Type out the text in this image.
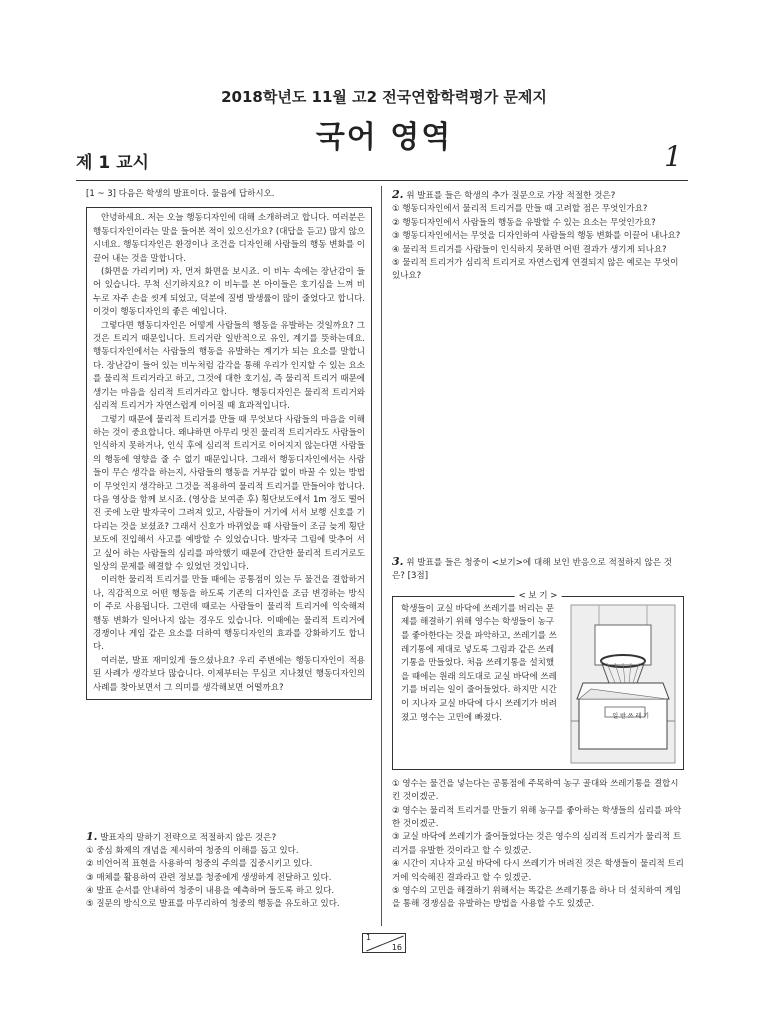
2018학년도 11월 고2 전국연합학력평가 문제지
국어 영역
제 1 교시	1
[1 ~ 3] 다음은 학생의 발표이다. 물음에 답하시오.

안녕하세요. 저는 오늘 행동디자인에 대해 소개하려고 합니다. 여러분은 행동디자인이라는 말을 들어본 적이 있으신가요? (대답을 듣고) 많지 않으시네요. 행동디자인은 환경이나 조건을 디자인해 사람들의 행동 변화를 이끌어 내는 것을 말합니다.

(화면을 가리키며) 자, 먼저 화면을 보시죠. 이 비누 속에는 장난감이 들어 있습니다. 무척 신기하지요? 이 비누를 본 아이들은 호기심을 느껴 비누로 자주 손을 씻게 되었고, 덕분에 질병 발생률이 많이 줄었다고 합니다. 이것이 행동디자인의 좋은 예입니다.

그렇다면 행동디자인은 어떻게 사람들의 행동을 유발하는 것일까요? 그것은 트리거 때문입니다. 트리거란 일반적으로 유인, 계기를 뜻하는데요. 행동디자인에서는 사람들의 행동을 유발하는 계기가 되는 요소를 말합니다. 장난감이 들어 있는 비누처럼 감각을 통해 우리가 인지할 수 있는 요소를 물리적 트리거라고 하고, 그것에 대한 호기심, 즉 물리적 트리거 때문에 생기는 마음을 심리적 트리거라고 합니다. 행동디자인은 물리적 트리거와 심리적 트리거가 자연스럽게 이어질 때 효과적입니다.

그렇기 때문에 물리적 트리거를 만들 때 무엇보다 사람들의 마음을 이해하는 것이 중요합니다. 왜냐하면 아무리 멋진 물리적 트리거라도 사람들이 인식하지 못하거나, 인식 후에 심리적 트리거로 이어지지 않는다면 사람들의 행동에 영향을 줄 수 없기 때문입니다. 그래서 행동디자인에서는 사람들이 무슨 생각을 하는지, 사람들의 행동을 거부감 없이 바꿀 수 있는 방법이 무엇인지 생각하고 그것을 적용하여 물리적 트리거를 만들어야 합니다. 다음 영상을 함께 보시죠. (영상을 보여준 후) 횡단보도에서 1m 정도 떨어진 곳에 노란 발자국이 그려져 있고, 사람들이 거기에 서서 보행 신호를 기다리는 것을 보셨죠? 그래서 신호가 바뀌었을 때 사람들이 조금 늦게 횡단보도에 진입해서 사고를 예방할 수 있었습니다. 발자국 그림에 맞추어 서고 싶어 하는 사람들의 심리를 파악했기 때문에 간단한 물리적 트리거로도 일상의 문제를 해결할 수 있었던 것입니다.

이러한 물리적 트리거를 만들 때에는 공통점이 있는 두 물건을 결합하거나, 직감적으로 어떤 행동을 하도록 기존의 디자인을 조금 변경하는 방식이 주로 사용됩니다. 그런데 때로는 사람들이 물리적 트리거에 익숙해져 행동 변화가 일어나지 않는 경우도 있습니다. 이때에는 물리적 트리거에 경쟁이나 게임 같은 요소를 더하여 행동디자인의 효과를 강화하기도 합니다.

여러분, 발표 재미있게 들으셨나요? 우리 주변에는 행동디자인이 적용된 사례가 생각보다 많습니다. 이제부터는 무심코 지나쳤던 행동디자인의 사례를 찾아보면서 그 의미를 생각해보면 어떨까요?

1. 발표자의 말하기 전략으로 적절하지 않은 것은?
① 중심 화제의 개념을 제시하여 청중의 이해를 돕고 있다.
② 비언어적 표현을 사용하여 청중의 주의를 집중시키고 있다.
③ 매체를 활용하여 관련 정보를 청중에게 생생하게 전달하고 있다.
④ 발표 순서를 안내하여 청중이 내용을 예측하며 들도록 하고 있다.
⑤ 질문의 방식으로 발표를 마무리하여 청중의 행동을 유도하고 있다.
2. 위 발표를 들은 학생의 추가 질문으로 가장 적절한 것은?
① 행동디자인에서 물리적 트리거를 만들 때 고려할 점은 무엇인가요?
② 행동디자인에서 사람들의 행동을 유발할 수 있는 요소는 무엇인가요?
③ 행동디자인에서는 무엇을 디자인하여 사람들의 행동 변화를 이끌어 내나요?
④ 물리적 트리거를 사람들이 인식하지 못하면 어떤 결과가 생기게 되나요?
⑤ 물리적 트리거가 심리적 트리거로 자연스럽게 연결되지 않은 예로는 무엇이 있나요?
3. 위 발표를 들은 청중이 <보기>에 대해 보인 반응으로 적절하지 않은 것은? [3점]
< 보 기 >
학생들이 교실 바닥에 쓰레기를 버리는 문제를 해결하기 위해 영수는 학생들이 농구를 좋아한다는 것을 파악하고, 쓰레기를 쓰레기통에 제대로 넣도록 그림과 같은 쓰레기통을 만들었다. 처음 쓰레기통을 설치했을 때에는 원래 의도대로 교실 바닥에 쓰레기를 버리는 일이 줄어들었다. 하지만 시간이 지나자 교실 바닥에 다시 쓰레기가 버려졌고 영수는 고민에 빠졌다.	일 반 쓰 레 기
① 영수는 물건을 넣는다는 공통점에 주목하여 농구 골대와 쓰레기통을 결합시킨 것이겠군.
② 영수는 물리적 트리거를 만들기 위해 농구를 좋아하는 학생들의 심리를 파악한 것이겠군.
③ 교실 바닥에 쓰레기가 줄어들었다는 것은 영수의 심리적 트리거가 물리적 트리거를 유발한 것이라고 할 수 있겠군.
④ 시간이 지나자 교실 바닥에 다시 쓰레기가 버려진 것은 학생들이 물리적 트리거에 익숙해진 결과라고 할 수 있겠군.
⑤ 영수의 고민을 해결하기 위해서는 똑같은 쓰레기통을 하나 더 설치하여 게임을 통해 경쟁심을 유발하는 방법을 사용할 수도 있겠군.
1
16
